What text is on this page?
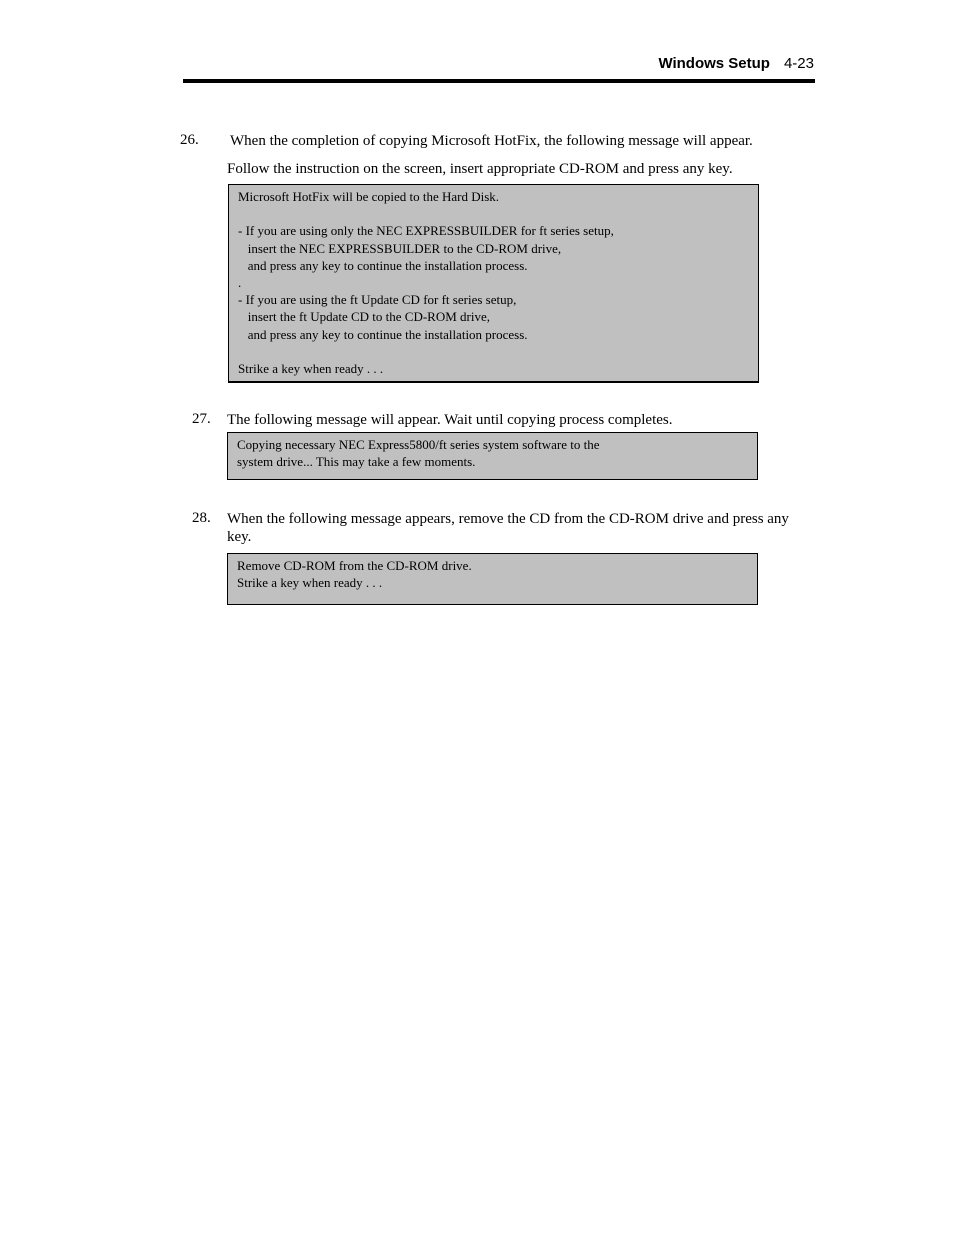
Windows Setup 4-23
26. When the completion of copying Microsoft HotFix, the following message will appear.
Follow the instruction on the screen, insert appropriate CD-ROM and press any key.
Microsoft HotFix will be copied to the Hard Disk.
- If you are using only the NEC EXPRESSBUILDER for ft series setup,
insert the NEC EXPRESSBUILDER to the CD-ROM drive,
and press any key to continue the installation process.
.
- If you are using the ft Update CD for ft series setup,
insert the ft Update CD to the CD-ROM drive,
and press any key to continue the installation process.
Strike a key when ready . . .
27. The following message will appear. Wait until copying process completes.
Copying necessary NEC Express5800/ft series system software to the
system drive... This may take a few moments.
28. When the following message appears, remove the CD from the CD-ROM drive and press any key.
Remove CD-ROM from the CD-ROM drive.
Strike a key when ready . . .
